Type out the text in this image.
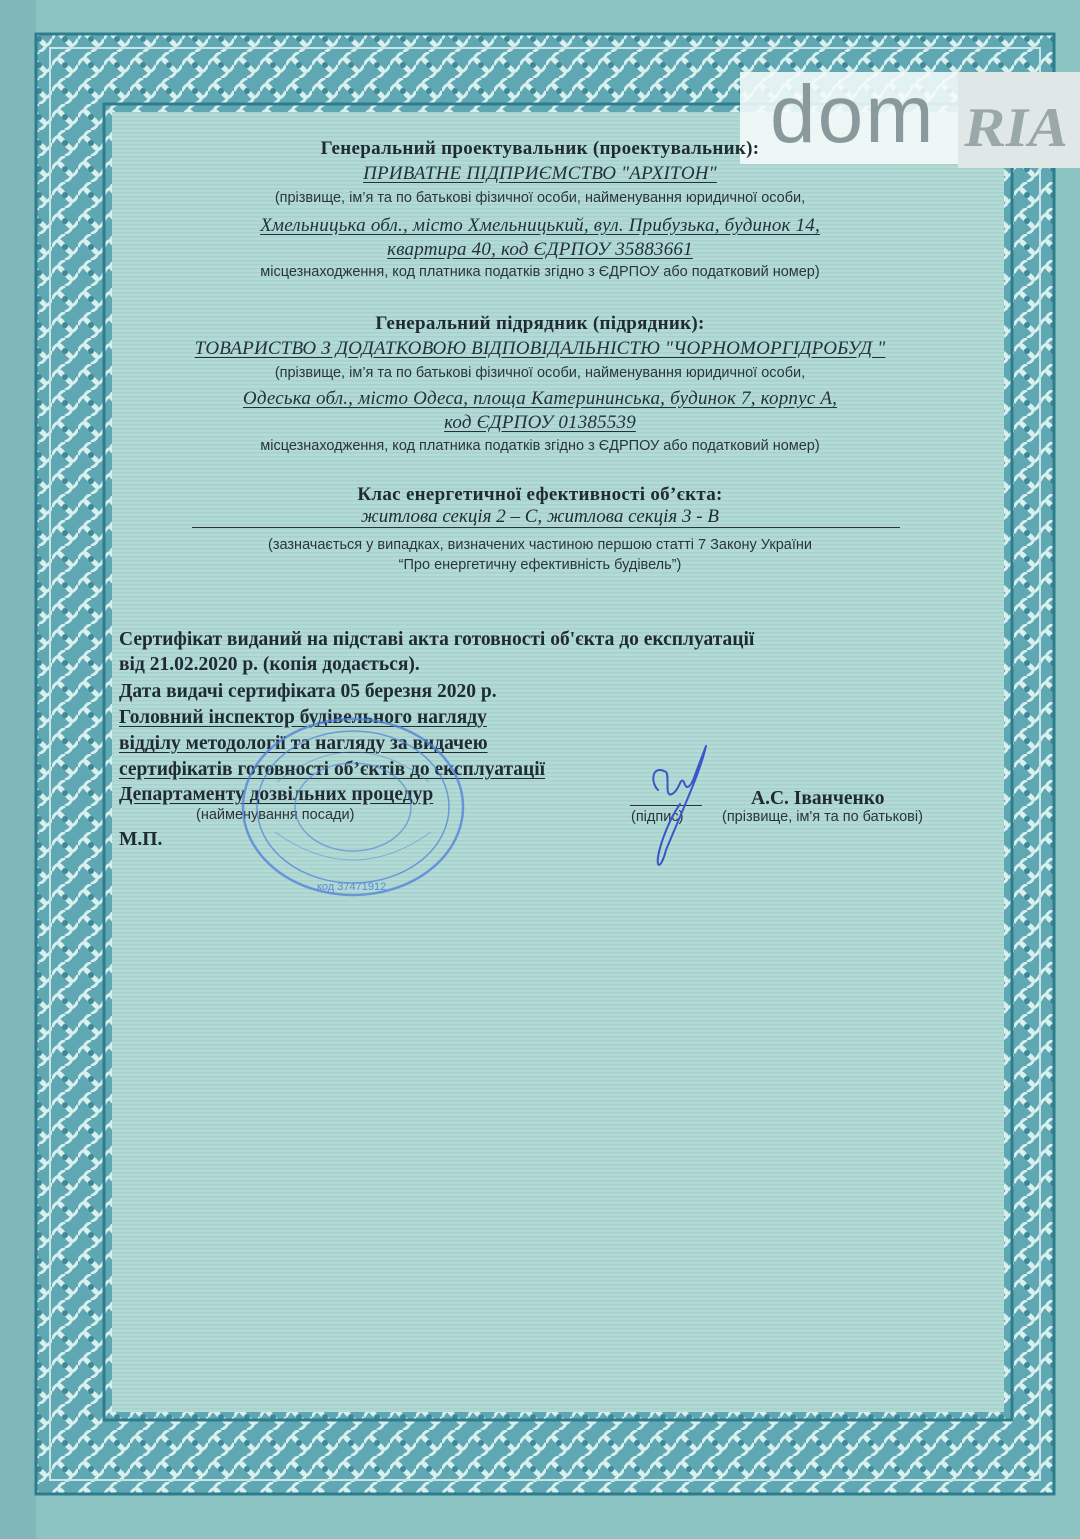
dom RIA
Генеральний проектувальник (проектувальник):
ПРИВАТНЕ ПІДПРИЄМСТВО "АРХІТОН"
(прізвище, ім’я та по батькові фізичної особи, найменування юридичної особи,
Хмельницька обл., місто Хмельницький, вул. Прибузька, будинок 14,
квартира 40, код ЄДРПОУ 35883661
місцезнаходження, код платника податків згідно з ЄДРПОУ або податковий номер)
Генеральний підрядник (підрядник):
ТОВАРИСТВО З ДОДАТКОВОЮ ВІДПОВІДАЛЬНІСТЮ "ЧОРНОМОРГІДРОБУД "
(прізвище, ім’я та по батькові фізичної особи, найменування юридичної особи,
Одеська обл., місто Одеса, площа Катерининська, будинок 7, корпус А,
код ЄДРПОУ 01385539
місцезнаходження, код платника податків згідно з ЄДРПОУ або податковий номер)
Клас енергетичної ефективності об’єкта:
житлова секція 2 – С, житлова секція 3 - В
(зазначається у випадках, визначених частиною першою статті 7 Закону України
“Про енергетичну ефективність будівель”)
Сертифікат виданий на підставі акта готовності об'єкта до експлуатації
від 21.02.2020 р. (копія додається).
Дата видачі сертифіката 05 березня 2020 р.
Головний інспектор будівельного нагляду
відділу методології та нагляду за видачею
сертифікатів готовності об’єктів до експлуатації
Департаменту дозвільних процедур
(найменування посади)
М.П.
(підпис)
А.С. Іванченко
(прізвище, ім'я та по батькові)
код 37471912
